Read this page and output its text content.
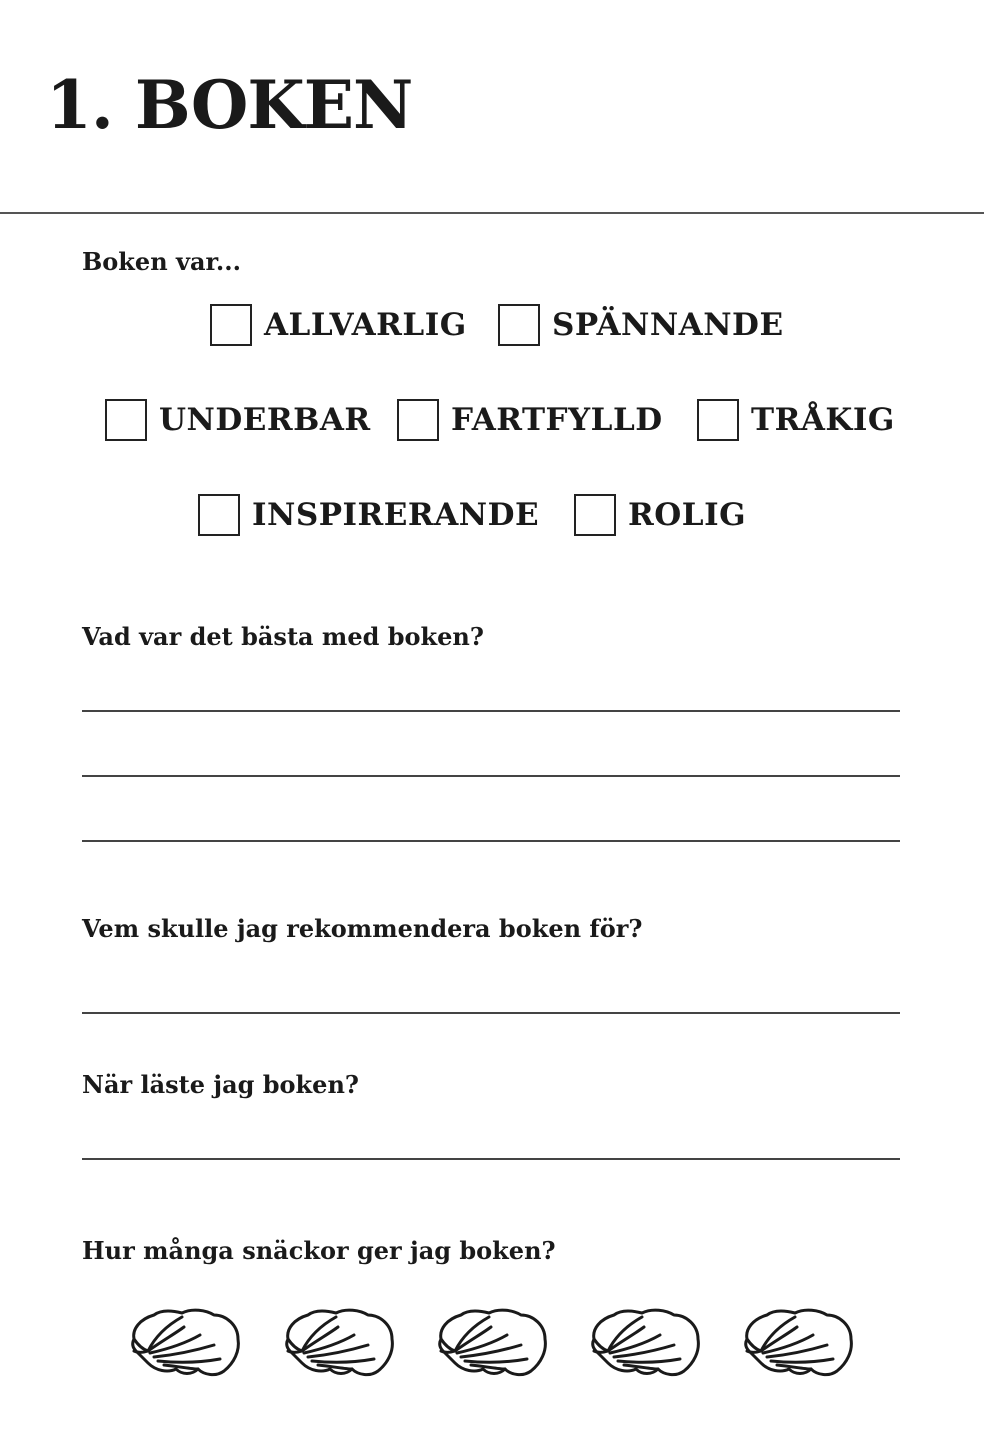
1. BOKEN
Boken var...
ALLVARLIG	SPÄNNANDE
UNDERBAR	FARTFYLLD	TRÅKIG
INSPIRERANDE	ROLIG
Vad var det bästa med boken?
Vem skulle jag rekommendera boken för?
När läste jag boken?
Hur många snäckor ger jag boken?
